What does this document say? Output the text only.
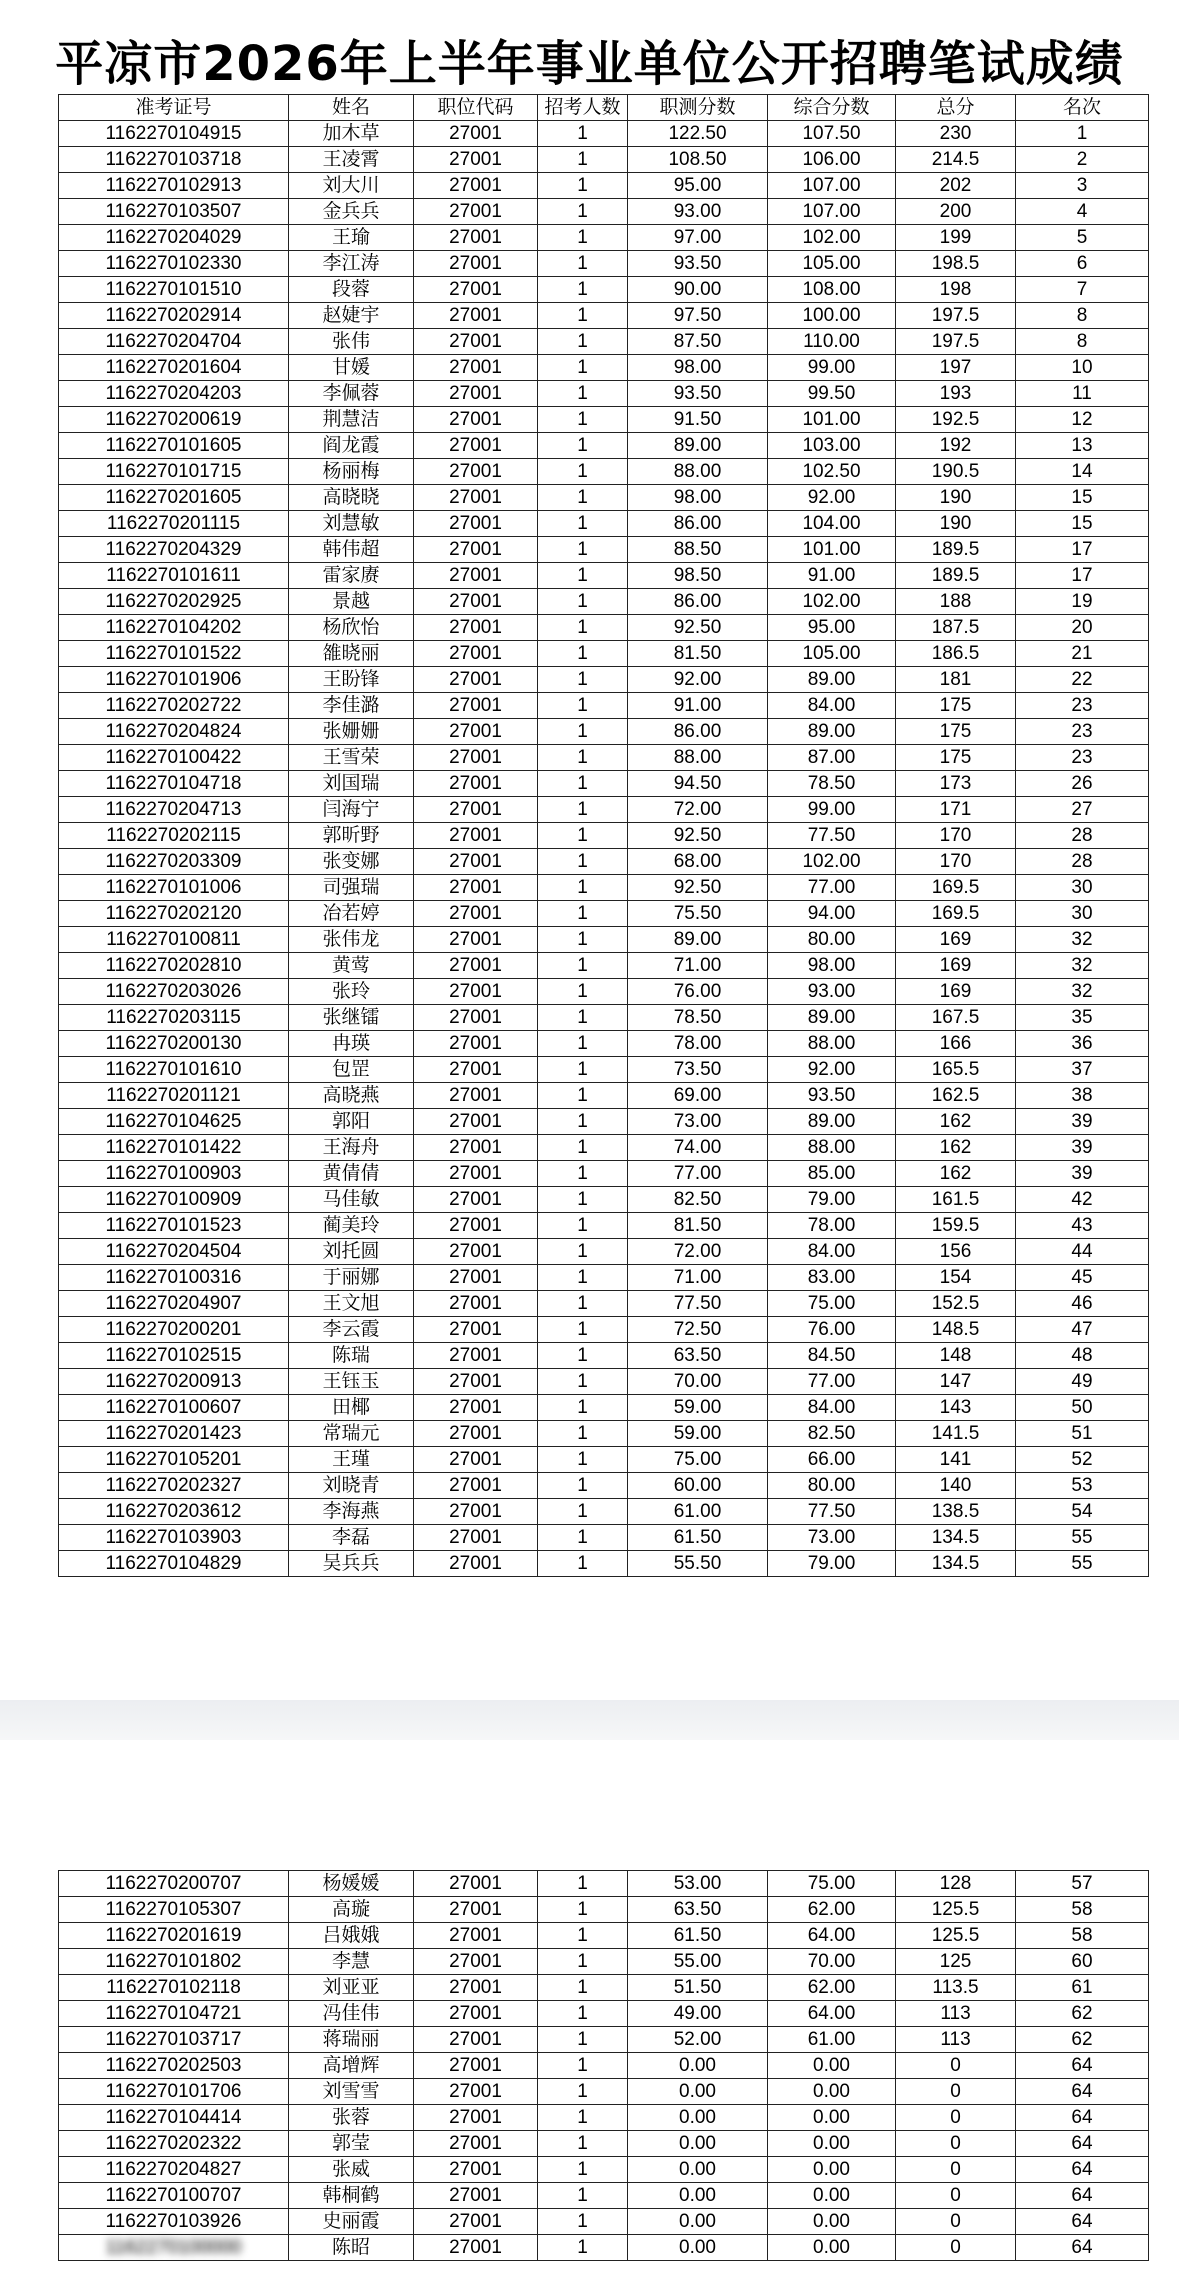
平凉市2026年上半年事业单位公开招聘笔试成绩
准考证号	姓名	职位代码	招考人数	职测分数	综合分数	总分	名次
1162270104915	加木草	27001	1	122.50	107.50	230	1
1162270103718	王凌霄	27001	1	108.50	106.00	214.5	2
1162270102913	刘大川	27001	1	95.00	107.00	202	3
1162270103507	金兵兵	27001	1	93.00	107.00	200	4
1162270204029	王瑜	27001	1	97.00	102.00	199	5
1162270102330	李江涛	27001	1	93.50	105.00	198.5	6
1162270101510	段蓉	27001	1	90.00	108.00	198	7
1162270202914	赵婕宇	27001	1	97.50	100.00	197.5	8
1162270204704	张伟	27001	1	87.50	110.00	197.5	8
1162270201604	甘媛	27001	1	98.00	99.00	197	10
1162270204203	李佩蓉	27001	1	93.50	99.50	193	11
1162270200619	荆慧洁	27001	1	91.50	101.00	192.5	12
1162270101605	阎龙霞	27001	1	89.00	103.00	192	13
1162270101715	杨丽梅	27001	1	88.00	102.50	190.5	14
1162270201605	高晓晓	27001	1	98.00	92.00	190	15
1162270201115	刘慧敏	27001	1	86.00	104.00	190	15
1162270204329	韩伟超	27001	1	88.50	101.00	189.5	17
1162270101611	雷家赓	27001	1	98.50	91.00	189.5	17
1162270202925	景越	27001	1	86.00	102.00	188	19
1162270104202	杨欣怡	27001	1	92.50	95.00	187.5	20
1162270101522	雒晓丽	27001	1	81.50	105.00	186.5	21
1162270101906	王盼锋	27001	1	92.00	89.00	181	22
1162270202722	李佳潞	27001	1	91.00	84.00	175	23
1162270204824	张姗姗	27001	1	86.00	89.00	175	23
1162270100422	王雪荣	27001	1	88.00	87.00	175	23
1162270104718	刘国瑞	27001	1	94.50	78.50	173	26
1162270204713	闫海宁	27001	1	72.00	99.00	171	27
1162270202115	郭昕野	27001	1	92.50	77.50	170	28
1162270203309	张变娜	27001	1	68.00	102.00	170	28
1162270101006	司强瑞	27001	1	92.50	77.00	169.5	30
1162270202120	冶若婷	27001	1	75.50	94.00	169.5	30
1162270100811	张伟龙	27001	1	89.00	80.00	169	32
1162270202810	黄莺	27001	1	71.00	98.00	169	32
1162270203026	张玲	27001	1	76.00	93.00	169	32
1162270203115	张继镭	27001	1	78.50	89.00	167.5	35
1162270200130	冉瑛	27001	1	78.00	88.00	166	36
1162270101610	包罡	27001	1	73.50	92.00	165.5	37
1162270201121	高晓燕	27001	1	69.00	93.50	162.5	38
1162270104625	郭阳	27001	1	73.00	89.00	162	39
1162270101422	王海舟	27001	1	74.00	88.00	162	39
1162270100903	黄倩倩	27001	1	77.00	85.00	162	39
1162270100909	马佳敏	27001	1	82.50	79.00	161.5	42
1162270101523	蔺美玲	27001	1	81.50	78.00	159.5	43
1162270204504	刘托圆	27001	1	72.00	84.00	156	44
1162270100316	于丽娜	27001	1	71.00	83.00	154	45
1162270204907	王文旭	27001	1	77.50	75.00	152.5	46
1162270200201	李云霞	27001	1	72.50	76.00	148.5	47
1162270102515	陈瑞	27001	1	63.50	84.50	148	48
1162270200913	王钰玉	27001	1	70.00	77.00	147	49
1162270100607	田椰	27001	1	59.00	84.00	143	50
1162270201423	常瑞元	27001	1	59.00	82.50	141.5	51
1162270105201	王瑾	27001	1	75.00	66.00	141	52
1162270202327	刘晓青	27001	1	60.00	80.00	140	53
1162270203612	李海燕	27001	1	61.00	77.50	138.5	54
1162270103903	李磊	27001	1	61.50	73.00	134.5	55
1162270104829	吴兵兵	27001	1	55.50	79.00	134.5	55
1162270200707	杨媛媛	27001	1	53.00	75.00	128	57
1162270105307	高璇	27001	1	63.50	62.00	125.5	58
1162270201619	吕娥娥	27001	1	61.50	64.00	125.5	58
1162270101802	李慧	27001	1	55.00	70.00	125	60
1162270102118	刘亚亚	27001	1	51.50	62.00	113.5	61
1162270104721	冯佳伟	27001	1	49.00	64.00	113	62
1162270103717	蒋瑞丽	27001	1	52.00	61.00	113	62
1162270202503	高增辉	27001	1	0.00	0.00	0	64
1162270101706	刘雪雪	27001	1	0.00	0.00	0	64
1162270104414	张蓉	27001	1	0.00	0.00	0	64
1162270202322	郭莹	27001	1	0.00	0.00	0	64
1162270204827	张威	27001	1	0.00	0.00	0	64
1162270100707	韩桐鹤	27001	1	0.00	0.00	0	64
1162270103926	史丽霞	27001	1	0.00	0.00	0	64
1162270100000	陈昭	27001	1	0.00	0.00	0	64
